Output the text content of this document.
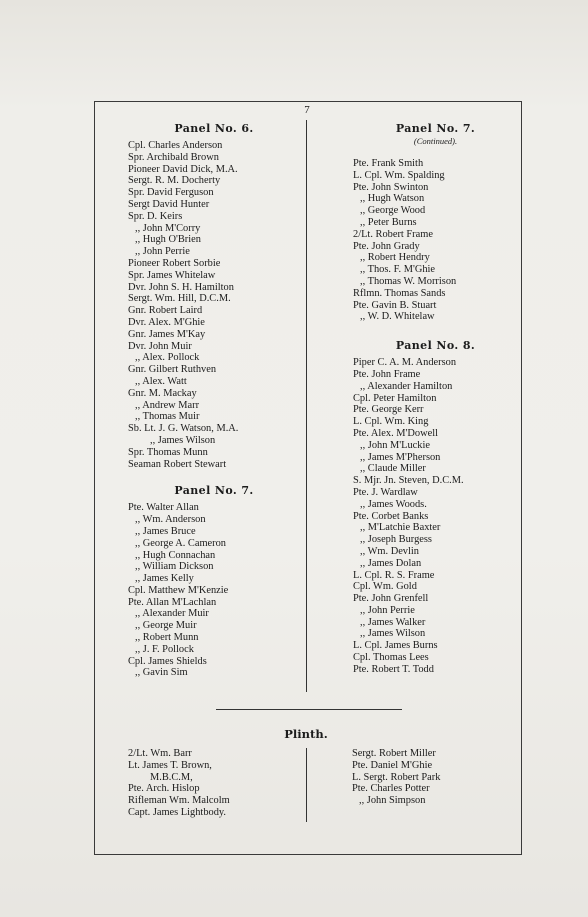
7
Panel No. 6.
Cpl. Charles Anderson
Spr. Archibald Brown
Pioneer David Dick, M.A.
Sergt. R. M. Docherty
Spr. David Ferguson
Sergt David Hunter
Spr. D. Keirs
,, John M'Corry
,, Hugh O'Brien
,, John Perrie
Pioneer Robert Sorbie
Spr. James Whitelaw
Dvr. John S. H. Hamilton
Sergt. Wm. Hill, D.C.M.
Gnr. Robert Laird
Dvr. Alex. M'Ghie
Gnr. James M'Kay
Dvr. John Muir
,, Alex. Pollock
Gnr. Gilbert Ruthven
,, Alex. Watt
Gnr. M. Mackay
,, Andrew Marr
,, Thomas Muir
Sb. Lt. J. G. Watson, M.A.
,, James Wilson
Spr. Thomas Munn
Seaman Robert Stewart
Panel No. 7.
Pte. Walter Allan
,, Wm. Anderson
,, James Bruce
,, George A. Cameron
,, Hugh Connachan
,, William Dickson
,, James Kelly
Cpl. Matthew M'Kenzie
Pte. Allan M'Lachlan
,, Alexander Muir
,, George Muir
,, Robert Munn
,, J. F. Pollock
Cpl. James Shields
,, Gavin Sim
Panel No. 7.
(Continued).
Pte. Frank Smith
L. Cpl. Wm. Spalding
Pte. John Swinton
,, Hugh Watson
,, George Wood
,, Peter Burns
2/Lt. Robert Frame
Pte. John Grady
,, Robert Hendry
,, Thos. F. M'Ghie
,, Thomas W. Morrison
Rflmn. Thomas Sands
Pte. Gavin B. Stuart
,, W. D. Whitelaw
Panel No. 8.
Piper C. A. M. Anderson
Pte. John Frame
,, Alexander Hamilton
Cpl. Peter Hamilton
Pte. George Kerr
L. Cpl. Wm. King
Pte. Alex. M'Dowell
,, John M'Luckie
,, James M'Pherson
,, Claude Miller
S. Mjr. Jn. Steven, D.C.M.
Pte. J. Wardlaw
,, James Woods.
Pte. Corbet Banks
,, M'Latchie Baxter
,, Joseph Burgess
,, Wm. Devlin
,, James Dolan
L. Cpl. R. S. Frame
Cpl. Wm. Gold
Pte. John Grenfell
,, John Perrie
,, James Walker
,, James Wilson
L. Cpl. James Burns
Cpl. Thomas Lees
Pte. Robert T. Todd
Plinth.
2/Lt. Wm. Barr
Lt. James T. Brown,
M.B.C.M,
Pte. Arch. Hislop
Rifleman Wm. Malcolm
Capt. James Lightbody.
Sergt. Robert Miller
Pte. Daniel M'Ghie
L. Sergt. Robert Park
Pte. Charles Potter
,, John Simpson
